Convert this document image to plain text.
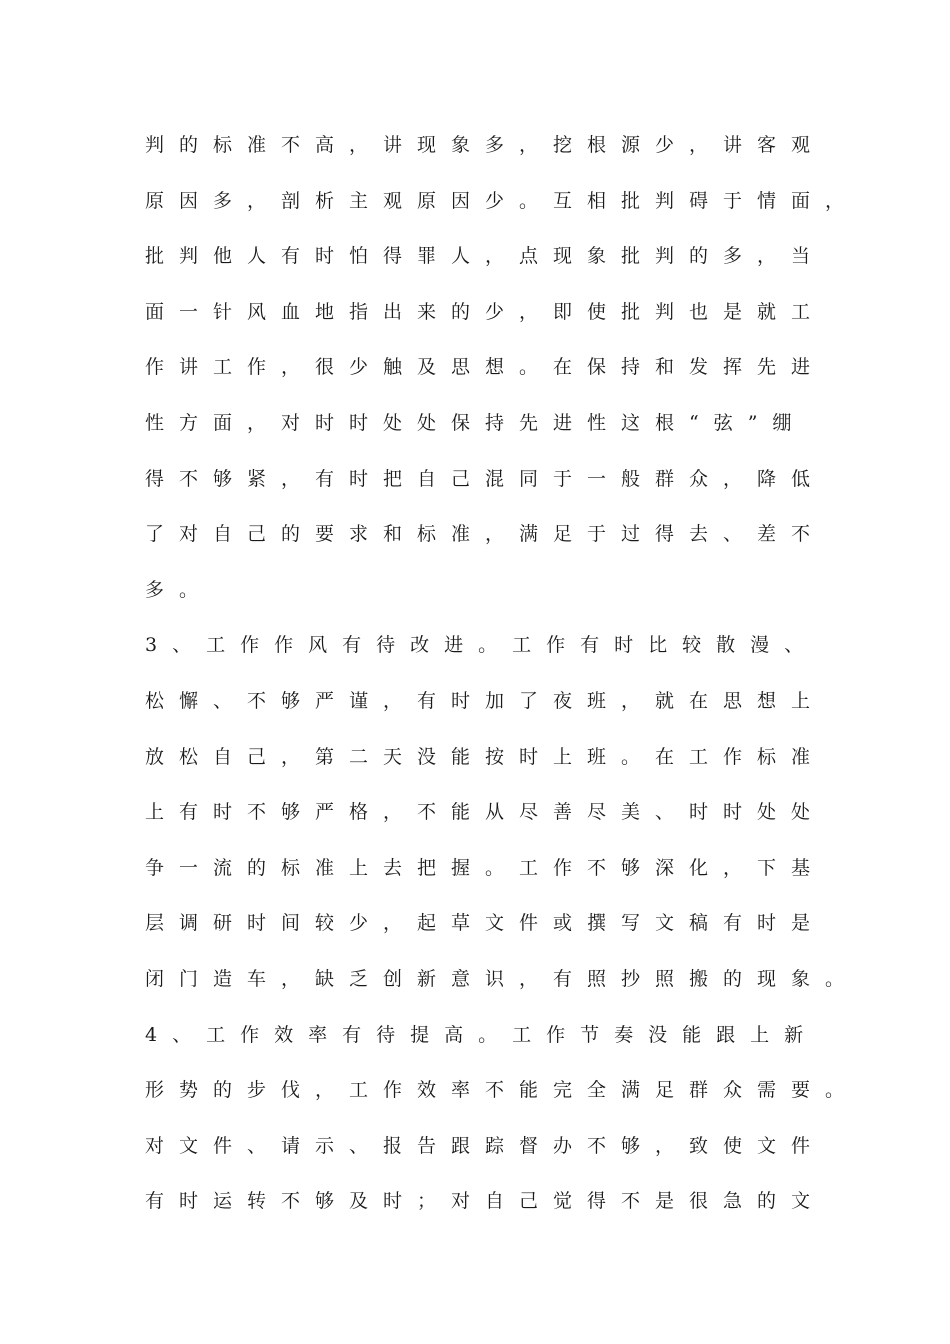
判的标准不高，讲现象多，挖根源少，讲客观
原因多，剖析主观原因少。互相批判碍于情面，
批判他人有时怕得罪人，点现象批判的多，当
面一针风血地指出来的少，即使批判也是就工
作讲工作，很少触及思想。在保持和发挥先进
性方面，对时时处处保持先进性这根“弦”绷
得不够紧，有时把自己混同于一般群众，降低
了对自己的要求和标准，满足于过得去、差不
多。
3、工作作风有待改进。工作有时比较散漫、
松懈、不够严谨，有时加了夜班，就在思想上
放松自己，第二天没能按时上班。在工作标准
上有时不够严格，不能从尽善尽美、时时处处
争一流的标准上去把握。工作不够深化，下基
层调研时间较少，起草文件或撰写文稿有时是
闭门造车，缺乏创新意识，有照抄照搬的现象。
4、工作效率有待提高。工作节奏没能跟上新
形势的步伐，工作效率不能完全满足群众需要。
对文件、请示、报告跟踪督办不够，致使文件
有时运转不够及时；对自己觉得不是很急的文
